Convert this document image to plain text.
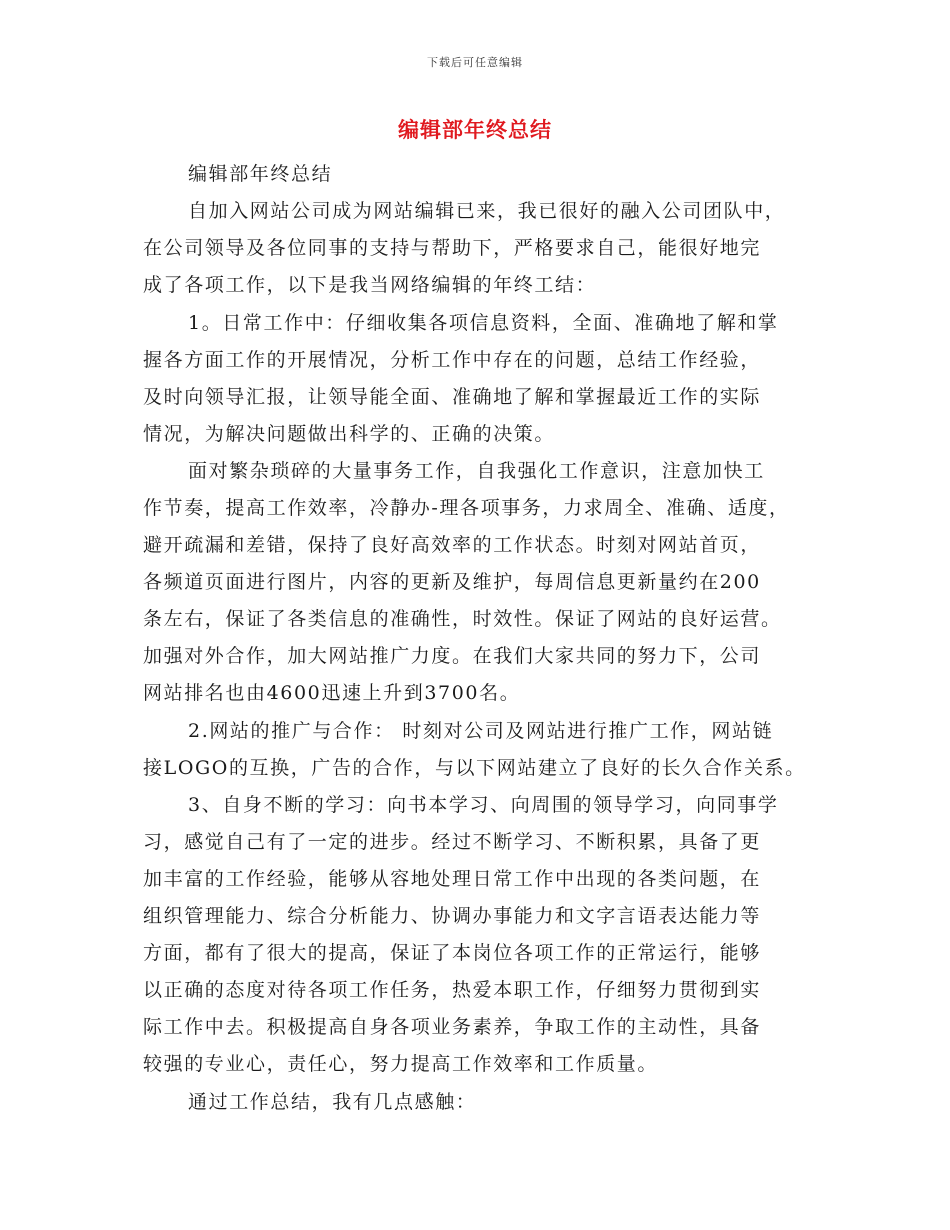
下载后可任意编辑
编辑部年终总结
编辑部年终总结
自加入网站公司成为网站编辑已来，我已很好的融入公司团队中，
在公司领导及各位同事的支持与帮助下，严格要求自己，能很好地完
成了各项工作，以下是我当网络编辑的年终工结：
1。日常工作中：仔细收集各项信息资料，全面、准确地了解和掌
握各方面工作的开展情况，分析工作中存在的问题，总结工作经验，
及时向领导汇报，让领导能全面、准确地了解和掌握最近工作的实际
情况，为解决问题做出科学的、正确的决策。
面对繁杂琐碎的大量事务工作，自我强化工作意识，注意加快工
作节奏，提高工作效率，冷静办-理各项事务，力求周全、准确、适度，
避开疏漏和差错，保持了良好高效率的工作状态。时刻对网站首页，
各频道页面进行图片，内容的更新及维护，每周信息更新量约在200
条左右，保证了各类信息的准确性，时效性。保证了网站的良好运营。
加强对外合作，加大网站推广力度。在我们大家共同的努力下，公司
网站排名也由4600迅速上升到3700名。
2.网站的推广与合作： 时刻对公司及网站进行推广工作，网站链
接LOGO的互换，广告的合作，与以下网站建立了良好的长久合作关系。
3、自身不断的学习：向书本学习、向周围的领导学习，向同事学
习，感觉自己有了一定的进步。经过不断学习、不断积累，具备了更
加丰富的工作经验，能够从容地处理日常工作中出现的各类问题，在
组织管理能力、综合分析能力、协调办事能力和文字言语表达能力等
方面，都有了很大的提高，保证了本岗位各项工作的正常运行，能够
以正确的态度对待各项工作任务，热爱本职工作，仔细努力贯彻到实
际工作中去。积极提高自身各项业务素养，争取工作的主动性，具备
较强的专业心，责任心，努力提高工作效率和工作质量。
通过工作总结，我有几点感触：
